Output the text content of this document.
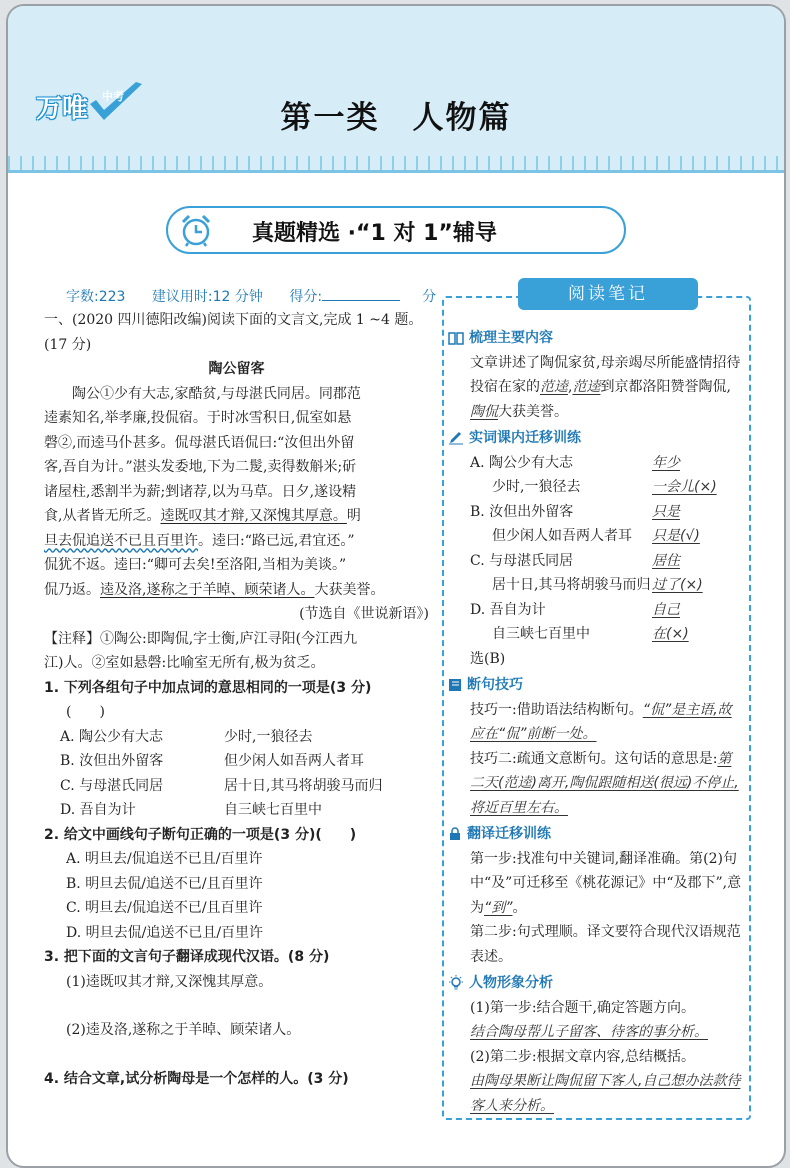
万唯 中考
第一类　人物篇
真题精选 ·“1 对 1”辅导
字数:223 建议用时:12 分钟 得分:	分

一、(2020 四川德阳改编)阅读下面的文言文,完成 1 ~4 题。(17 分)

陶公留客

陶公①少有大志,家酷贫,与母湛氏同居。同郡范

逵素知名,举孝廉,投侃宿。于时冰雪积日,侃室如悬

磬②,而逵马仆甚多。侃母湛氏语侃曰:“汝但出外留

客,吾自为计。”湛头发委地,下为二髲,卖得数斛米;斫

诸屋柱,悉割半为薪;剉诸荐,以为马草。日夕,遂设精

食,从者皆无所乏。逵既叹其才辩,又深愧其厚意。明

旦去侃追送不已且百里许。逵曰:“路已远,君宜还。”

侃犹不返。逵曰:“卿可去矣!至洛阳,当相为美谈。”

侃乃返。逵及洛,遂称之于羊晫、顾荣诸人。大获美誉。

(节选自《世说新语》)

【注释】①陶公:即陶侃,字士衡,庐江寻阳(今江西九

江)人。②室如悬磬:比喻室无所有,极为贫乏。

1. 下列各组句子中加点词的意思相同的一项是(3 分)

(　　)

A. 陶公少有大志	少时,一狼径去
B. 汝但出外留客	但少闲人如吾两人者耳
C. 与母湛氏同居	居十日,其马将胡骏马而归
D. 吾自为计	自三峡七百里中

2. 给文中画线句子断句正确的一项是(3 分)(　　)

A. 明旦去/侃追送不已且/百里许

B. 明旦去侃/追送不已/且百里许

C. 明旦去/侃追送不已/且百里许

D. 明旦去侃/追送不已且/百里许

3. 把下面的文言句子翻译成现代汉语。(8 分)

(1)逵既叹其才辩,又深愧其厚意。

(2)逵及洛,遂称之于羊晫、顾荣诸人。

4. 结合文章,试分析陶母是一个怎样的人。(3 分)

阅读笔记
梳理主要内容

文章讲述了陶侃家贫,母亲竭尽所能盛情招待投宿在家的范逵,范逵到京都洛阳赞誉陶侃,陶侃大获美誉。

实词课内迁移训练
A. 陶公少有大志	年少
少时,一狼径去	一会儿(×)
B. 汝但出外留客	只是
但少闲人如吾两人者耳 只是(√)
C. 与母湛氏同居	居住
居十日,其马将胡骏马而归 过了(×)
D. 吾自为计	自己
自三峡七百里中	在(×)

选(B)

断句技巧

技巧一:借助语法结构断句。“侃”是主语,故应在“侃”前断一处。

技巧二:疏通文意断句。这句话的意思是:第二天(范逵)离开,陶侃跟随相送(很远)不停止,将近百里左右。

翻译迁移训练

第一步:找准句中关键词,翻译准确。第(2)句中“及”可迁移至《桃花源记》中“及郡下”,意为“到”。

第二步:句式理顺。译文要符合现代汉语规范表述。

人物形象分析

(1)第一步:结合题干,确定答题方向。

结合陶母帮儿子留客、待客的事分析。

(2)第二步:根据文章内容,总结概括。

由陶母果断让陶侃留下客人,自己想办法款待客人来分析。
